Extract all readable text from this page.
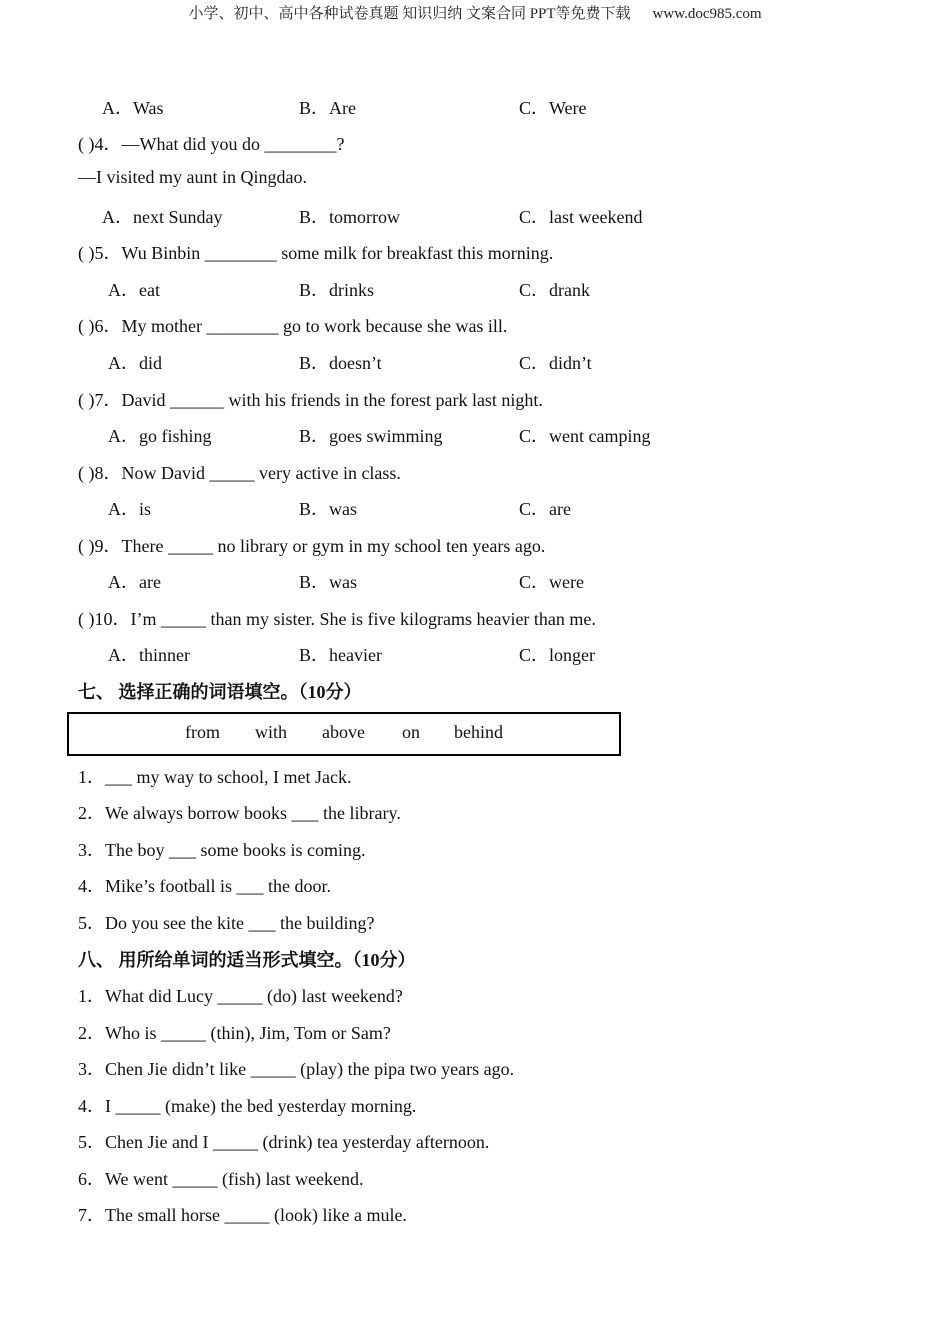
小学、初中、高中各种试卷真题 知识归纳 文案合同 PPT等免费下载 www.doc985.com
A．Was	B．Are	C．Were
( )4．—What did you do ________?
—I visited my aunt in Qingdao.
A．next Sunday	B．tomorrow	C．last weekend
( )5．Wu Binbin ________ some milk for breakfast this morning.
A．eat	B．drinks	C．drank
( )6．My mother ________ go to work because she was ill.
A．did	B．doesn’t	C．didn’t
( )7．David ______ with his friends in the forest park last night.
A．go fishing	B．goes swimming	C．went camping
( )8．Now David _____ very active in class.
A．is	B．was	C．are
( )9．There _____ no library or gym in my school ten years ago.
A．are	B．was	C．were
( )10．I’m _____ than my sister. She is five kilograms heavier than me.
A．thinner	B．heavier	C．longer
七、 选择正确的词语填空。（10分）
from with above on behind
1．___ my way to school, I met Jack.
2．We always borrow books ___ the library.
3．The boy ___ some books is coming.
4．Mike’s football is ___ the door.
5．Do you see the kite ___ the building?
八、 用所给单词的适当形式填空。（10分）
1．What did Lucy _____ (do) last weekend?
2．Who is _____ (thin), Jim, Tom or Sam?
3．Chen Jie didn’t like _____ (play) the pipa two years ago.
4．I _____ (make) the bed yesterday morning.
5．Chen Jie and I _____ (drink) tea yesterday afternoon.
6．We went _____ (fish) last weekend.
7．The small horse _____ (look) like a mule.
